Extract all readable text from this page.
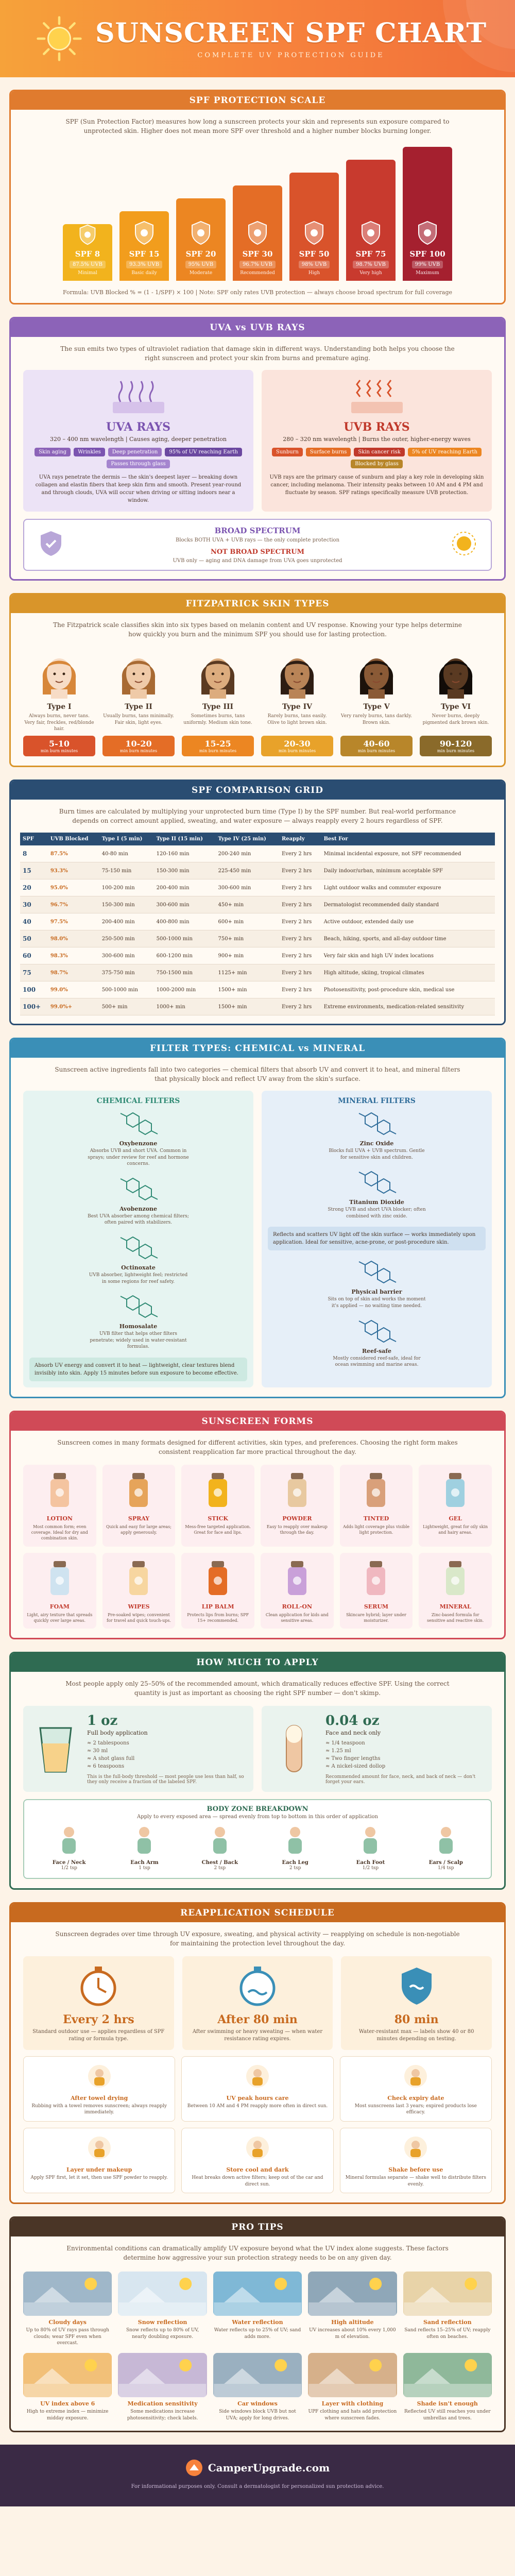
SUNSCREEN SPF CHART
COMPLETE UV PROTECTION GUIDE
SPF PROTECTION SCALE
SPF (Sun Protection Factor) measures how long a sunscreen protects your skin and represents sun exposure compared to unprotected skin. Higher does not mean more SPF over threshold and a higher number blocks burning longer.
SPF 8
87.5% UVB
Minimal
SPF 15
93.3% UVB
Basic daily
SPF 20
95% UVB
Moderate
SPF 30
96.7% UVB
Recommended
SPF 50
98% UVB
High
SPF 75
98.7% UVB
Very high
SPF 100
99% UVB
Maximum
Formula: UVB Blocked % = (1 - 1/SPF) × 100 | Note: SPF only rates UVB protection — always choose broad spectrum for full coverage
UVA vs UVB RAYS
The sun emits two types of ultraviolet radiation that damage skin in different ways. Understanding both helps you choose the right sunscreen and protect your skin from burns and premature aging.
UVA RAYS
320 – 400 nm wavelength | Causes aging, deeper penetration
Skin aging	Wrinkles	Deep penetration	95% of UV reaching Earth
Passes through glass
UVA rays penetrate the dermis — the skin's deepest layer — breaking down collagen and elastin fibers that keep skin firm and smooth. Present year-round and through clouds, UVA will occur when driving or sitting indoors near a window.
UVB RAYS
280 – 320 nm wavelength | Burns the outer, higher-energy waves
Sunburn	Surface burns	Skin cancer risk	5% of UV reaching Earth
Blocked by glass
UVB rays are the primary cause of sunburn and play a key role in developing skin cancer, including melanoma. Their intensity peaks between 10 AM and 4 PM and fluctuate by season. SPF ratings specifically measure UVB protection.
BROAD SPECTRUM
Blocks BOTH UVA + UVB rays — the only complete protection
NOT BROAD SPECTRUM
UVB only — aging and DNA damage from UVA goes unprotected
FITZPATRICK SKIN TYPES
The Fitzpatrick scale classifies skin into six types based on melanin content and UV response. Knowing your type helps determine how quickly you burn and the minimum SPF you should use for lasting protection.
Type I
Always burns, never tans. Very fair, freckles, red/blonde hair.
5-10
min burn minutes
Type II
Usually burns, tans minimally. Fair skin, light eyes.
10-20
min burn minutes
Type III
Sometimes burns, tans uniformly. Medium skin tone.
15-25
min burn minutes
Type IV
Rarely burns, tans easily. Olive to light brown skin.
20-30
min burn minutes
Type V
Very rarely burns, tans darkly. Brown skin.
40-60
min burn minutes
Type VI
Never burns, deeply pigmented dark brown skin.
90-120
min burn minutes
SPF COMPARISON GRID
Burn times are calculated by multiplying your unprotected burn time (Type I) by the SPF number. But real-world performance depends on correct amount applied, sweating, and water exposure — always reapply every 2 hours regardless of SPF.
SPF	UVB Blocked	Type I (5 min)	Type II (15 min)	Type IV (25 min)	Reapply	Best For
8	87.5%	40-80 min	120-160 min	200-240 min	Every 2 hrs	Minimal incidental exposure, not SPF recommended
15	93.3%	75-150 min	150-300 min	225-450 min	Every 2 hrs	Daily indoor/urban, minimum acceptable SPF
20	95.0%	100-200 min	200-400 min	300-600 min	Every 2 hrs	Light outdoor walks and commuter exposure
30	96.7%	150-300 min	300-600 min	450+ min	Every 2 hrs	Dermatologist recommended daily standard
40	97.5%	200-400 min	400-800 min	600+ min	Every 2 hrs	Active outdoor, extended daily use
50	98.0%	250-500 min	500-1000 min	750+ min	Every 2 hrs	Beach, hiking, sports, and all-day outdoor time
60	98.3%	300-600 min	600-1200 min	900+ min	Every 2 hrs	Very fair skin and high UV index locations
75	98.7%	375-750 min	750-1500 min	1125+ min	Every 2 hrs	High altitude, skiing, tropical climates
100	99.0%	500-1000 min	1000-2000 min	1500+ min	Every 2 hrs	Photosensitivity, post-procedure skin, medical use
100+	99.0%+	500+ min	1000+ min	1500+ min	Every 2 hrs	Extreme environments, medication-related sensitivity
FILTER TYPES: CHEMICAL vs MINERAL
Sunscreen active ingredients fall into two categories — chemical filters that absorb UV and convert it to heat, and mineral filters that physically block and reflect UV away from the skin's surface.
CHEMICAL FILTERS
Oxybenzone
Absorbs UVB and short UVA. Common in sprays; under review for reef and hormone concerns.
Avobenzone
Best UVA absorber among chemical filters; often paired with stabilizers.
Octinoxate
UVB absorber, lightweight feel; restricted in some regions for reef safety.
Homosalate
UVB filter that helps other filters penetrate; widely used in water-resistant formulas.
Absorb UV energy and convert it to heat — lightweight, clear textures blend invisibly into skin. Apply 15 minutes before sun exposure to become effective.
MINERAL FILTERS
Zinc Oxide
Blocks full UVA + UVB spectrum. Gentle for sensitive skin and children.
Titanium Dioxide
Strong UVB and short UVA blocker; often combined with zinc oxide.
Reflects and scatters UV light off the skin surface — works immediately upon application. Ideal for sensitive, acne-prone, or post-procedure skin.
Physical barrier
Sits on top of skin and works the moment it's applied — no waiting time needed.
Reef-safe
Mostly considered reef-safe, ideal for ocean swimming and marine areas.
SUNSCREEN FORMS
Sunscreen comes in many formats designed for different activities, skin types, and preferences. Choosing the right form makes consistent reapplication far more practical throughout the day.
LOTION
Most common form; even coverage. Ideal for dry and combination skin.
SPRAY
Quick and easy for large areas; apply generously.
STICK
Mess-free targeted application. Great for face and lips.
POWDER
Easy to reapply over makeup through the day.
TINTED
Adds light coverage plus visible light protection.
GEL
Lightweight, great for oily skin and hairy areas.
FOAM
Light, airy texture that spreads quickly over large areas.
WIPES
Pre-soaked wipes; convenient for travel and quick touch-ups.
LIP BALM
Protects lips from burns; SPF 15+ recommended.
ROLL-ON
Clean application for kids and sensitive areas.
SERUM
Skincare hybrid; layer under moisturizer.
MINERAL
Zinc-based formula for sensitive and reactive skin.
HOW MUCH TO APPLY
Most people apply only 25–50% of the recommended amount, which dramatically reduces effective SPF. Using the correct quantity is just as important as choosing the right SPF number — don't skimp.
1 oz
Full body application
≈ 2 tablespoons
≈ 30 ml
≈ A shot glass full
≈ 6 teaspoons
This is the full-body threshold — most people use less than half, so they only receive a fraction of the labeled SPF.
0.04 oz
Face and neck only
≈ 1/4 teaspoon
≈ 1.25 ml
≈ Two finger lengths
≈ A nickel-sized dollop
Recommended amount for face, neck, and back of neck — don't forget your ears.
BODY ZONE BREAKDOWN
Apply to every exposed area — spread evenly from top to bottom in this order of application
Face / Neck
1/2 tsp
Each Arm
1 tsp
Chest / Back
2 tsp
Each Leg
2 tsp
Each Foot
1/2 tsp
Ears / Scalp
1/4 tsp
REAPPLICATION SCHEDULE
Sunscreen degrades over time through UV exposure, sweating, and physical activity — reapplying on schedule is non-negotiable for maintaining the protection level throughout the day.
Every 2 hrs
Standard outdoor use — applies regardless of SPF rating or formula type.
After 80 min
After swimming or heavy sweating — when water resistance rating expires.
80 min
Water-resistant max — labels show 40 or 80 minutes depending on testing.
After towel drying
Rubbing with a towel removes sunscreen; always reapply immediately.
UV peak hours care
Between 10 AM and 4 PM reapply more often in direct sun.
Check expiry date
Most sunscreens last 3 years; expired products lose efficacy.
Layer under makeup
Apply SPF first, let it set, then use SPF powder to reapply.
Store cool and dark
Heat breaks down active filters; keep out of the car and direct sun.
Shake before use
Mineral formulas separate — shake well to distribute filters evenly.
PRO TIPS
Environmental conditions can dramatically amplify UV exposure beyond what the UV index alone suggests. These factors determine how aggressive your sun protection strategy needs to be on any given day.
Cloudy days
Up to 80% of UV rays pass through clouds; wear SPF even when overcast.
Snow reflection
Snow reflects up to 80% of UV, nearly doubling exposure.
Water reflection
Water reflects up to 25% of UV; sand adds more.
High altitude
UV increases about 10% every 1,000 m of elevation.
Sand reflection
Sand reflects 15–25% of UV; reapply often on beaches.
UV index above 6
High to extreme index — minimize midday exposure.
Medication sensitivity
Some medications increase photosensitivity; check labels.
Car windows
Side windows block UVB but not UVA; apply for long drives.
Layer with clothing
UPF clothing and hats add protection where sunscreen fades.
Shade isn't enough
Reflected UV still reaches you under umbrellas and trees.
CamperUpgrade.com
For informational purposes only. Consult a dermatologist for personalized sun protection advice.
